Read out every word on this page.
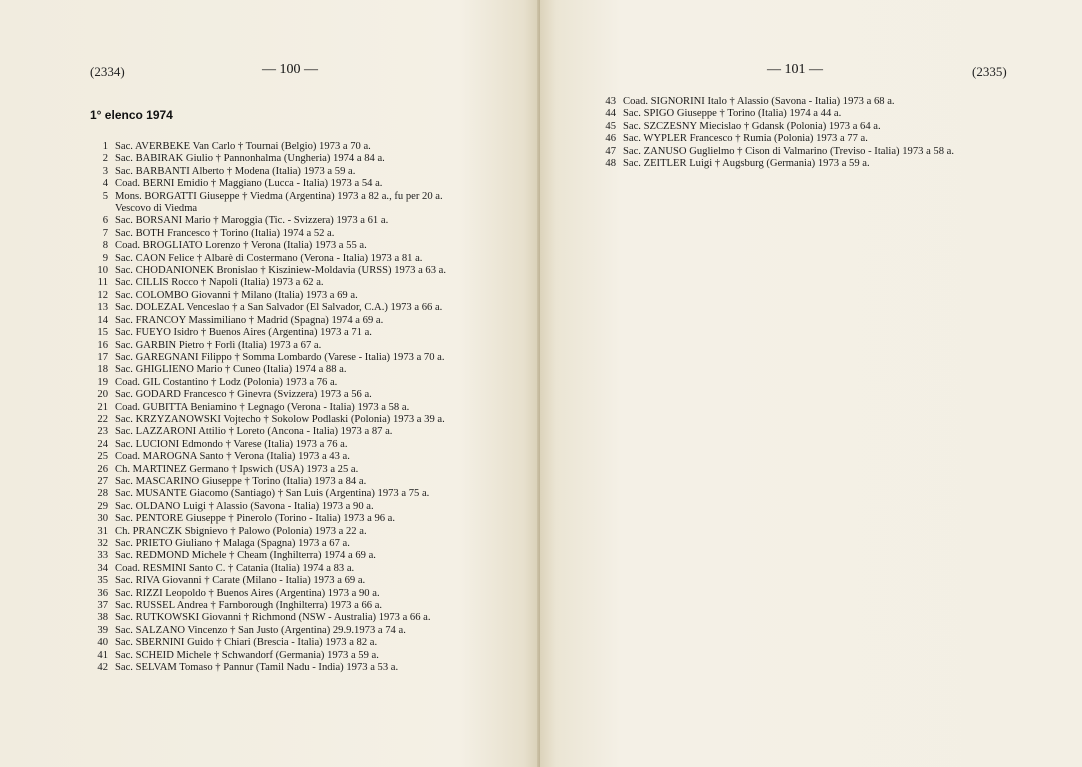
(2334)	— 100 —
1° elenco 1974
1 Sac. AVERBEKE Van Carlo † Tournai (Belgio) 1973 a 70 a.
2 Sac. BABIRAK Giulio † Pannonhalma (Ungheria) 1974 a 84 a.
3 Sac. BARBANTI Alberto † Modena (Italia) 1973 a 59 a.
4 Coad. BERNI Emidio † Maggiano (Lucca - Italia) 1973 a 54 a.
5 Mons. BORGATTI Giuseppe † Viedma (Argentina) 1973 a 82 a., fu per 20 a.
Vescovo di Viedma
6 Sac. BORSANI Mario † Maroggia (Tic. - Svizzera) 1973 a 61 a.
7 Sac. BOTH Francesco † Torino (Italia) 1974 a 52 a.
8 Coad. BROGLIATO Lorenzo † Verona (Italia) 1973 a 55 a.
9 Sac. CAON Felice † Albarè di Costermano (Verona - Italia) 1973 a 81 a.
10 Sac. CHODANIONEK Bronislao † Kisziniew-Moldavia (URSS) 1973 a 63 a.
11 Sac. CILLIS Rocco † Napoli (Italia) 1973 a 62 a.
12 Sac. COLOMBO Giovanni † Milano (Italia) 1973 a 69 a.
13 Sac. DOLEZAL Venceslao † a San Salvador (El Salvador, C.A.) 1973 a 66 a.
14 Sac. FRANCOY Massimiliano † Madrid (Spagna) 1974 a 69 a.
15 Sac. FUEYO Isidro † Buenos Aires (Argentina) 1973 a 71 a.
16 Sac. GARBIN Pietro † Forlì (Italia) 1973 a 67 a.
17 Sac. GAREGNANI Filippo † Somma Lombardo (Varese - Italia) 1973 a 70 a.
18 Sac. GHIGLIENO Mario † Cuneo (Italia) 1974 a 88 a.
19 Coad. GIL Costantino † Lodz (Polonia) 1973 a 76 a.
20 Sac. GODARD Francesco † Ginevra (Svizzera) 1973 a 56 a.
21 Coad. GUBITTA Beniamino † Legnago (Verona - Italia) 1973 a 58 a.
22 Sac. KRZYZANOWSKI Vojtecho † Sokolow Podlaski (Polonia) 1973 a 39 a.
23 Sac. LAZZARONI Attilio † Loreto (Ancona - Italia) 1973 a 87 a.
24 Sac. LUCIONI Edmondo † Varese (Italia) 1973 a 76 a.
25 Coad. MAROGNA Santo † Verona (Italia) 1973 a 43 a.
26 Ch. MARTINEZ Germano † Ipswich (USA) 1973 a 25 a.
27 Sac. MASCARINO Giuseppe † Torino (Italia) 1973 a 84 a.
28 Sac. MUSANTE Giacomo (Santiago) † San Luis (Argentina) 1973 a 75 a.
29 Sac. OLDANO Luigi † Alassio (Savona - Italia) 1973 a 90 a.
30 Sac. PENTORE Giuseppe † Pinerolo (Torino - Italia) 1973 a 96 a.
31 Ch. PRANCZK Sbignievo † Palowo (Polonia) 1973 a 22 a.
32 Sac. PRIETO Giuliano † Malaga (Spagna) 1973 a 67 a.
33 Sac. REDMOND Michele † Cheam (Inghilterra) 1974 a 69 a.
34 Coad. RESMINI Santo C. † Catania (Italia) 1974 a 83 a.
35 Sac. RIVA Giovanni † Carate (Milano - Italia) 1973 a 69 a.
36 Sac. RIZZI Leopoldo † Buenos Aires (Argentina) 1973 a 90 a.
37 Sac. RUSSEL Andrea † Farnborough (Inghilterra) 1973 a 66 a.
38 Sac. RUTKOWSKI Giovanni † Richmond (NSW - Australia) 1973 a 66 a.
39 Sac. SALZANO Vincenzo † San Justo (Argentina) 29.9.1973 a 74 a.
40 Sac. SBERNINI Guido † Chiari (Brescia - Italia) 1973 a 82 a.
41 Sac. SCHEID Michele † Schwandorf (Germania) 1973 a 59 a.
42 Sac. SELVAM Tomaso † Pannur (Tamil Nadu - India) 1973 a 53 a.
— 101 —	(2335)
43 Coad. SIGNORINI Italo † Alassio (Savona - Italia) 1973 a 68 a.
44 Sac. SPIGO Giuseppe † Torino (Italia) 1974 a 44 a.
45 Sac. SZCZESNY Miecislao † Gdansk (Polonia) 1973 a 64 a.
46 Sac. WYPLER Francesco † Rumia (Polonia) 1973 a 77 a.
47 Sac. ZANUSO Guglielmo † Cison di Valmarino (Treviso - Italia) 1973 a 58 a.
48 Sac. ZEITLER Luigi † Augsburg (Germania) 1973 a 59 a.
